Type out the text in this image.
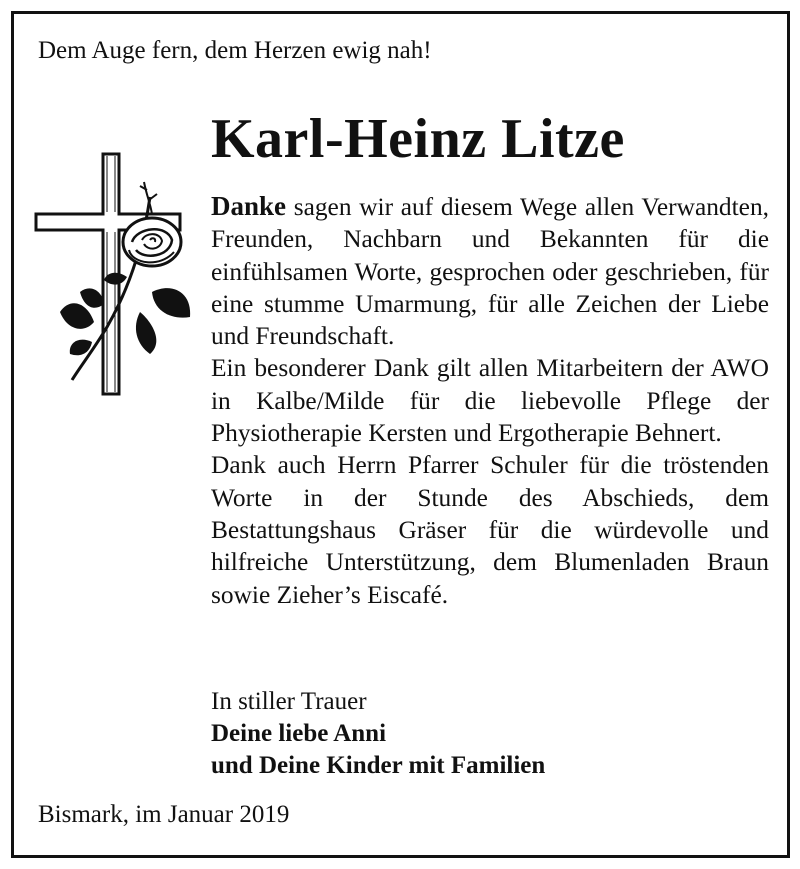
Dem Auge fern, dem Herzen ewig nah!
Karl-Heinz Litze

Danke sagen wir auf diesem Wege allen Verwandten, Freunden, Nachbarn und Bekannten für die einfühlsamen Worte, gesprochen oder geschrieben, für eine stumme Umarmung, für alle Zeichen der Liebe und Freundschaft.

Ein besonderer Dank gilt allen Mitarbeitern der AWO in Kalbe/Milde für die liebevolle Pflege der Physiotherapie Kersten und Ergotherapie Behnert.

Dank auch Herrn Pfarrer Schuler für die tröstenden Worte in der Stunde des Abschieds, dem Bestattungshaus Gräser für die würdevolle und hilfreiche Unterstützung, dem Blumenladen Braun sowie Zieher’s Eiscafé.

In stiller Trauer
Deine liebe Anni
und Deine Kinder mit Familien
Bismark, im Januar 2019
